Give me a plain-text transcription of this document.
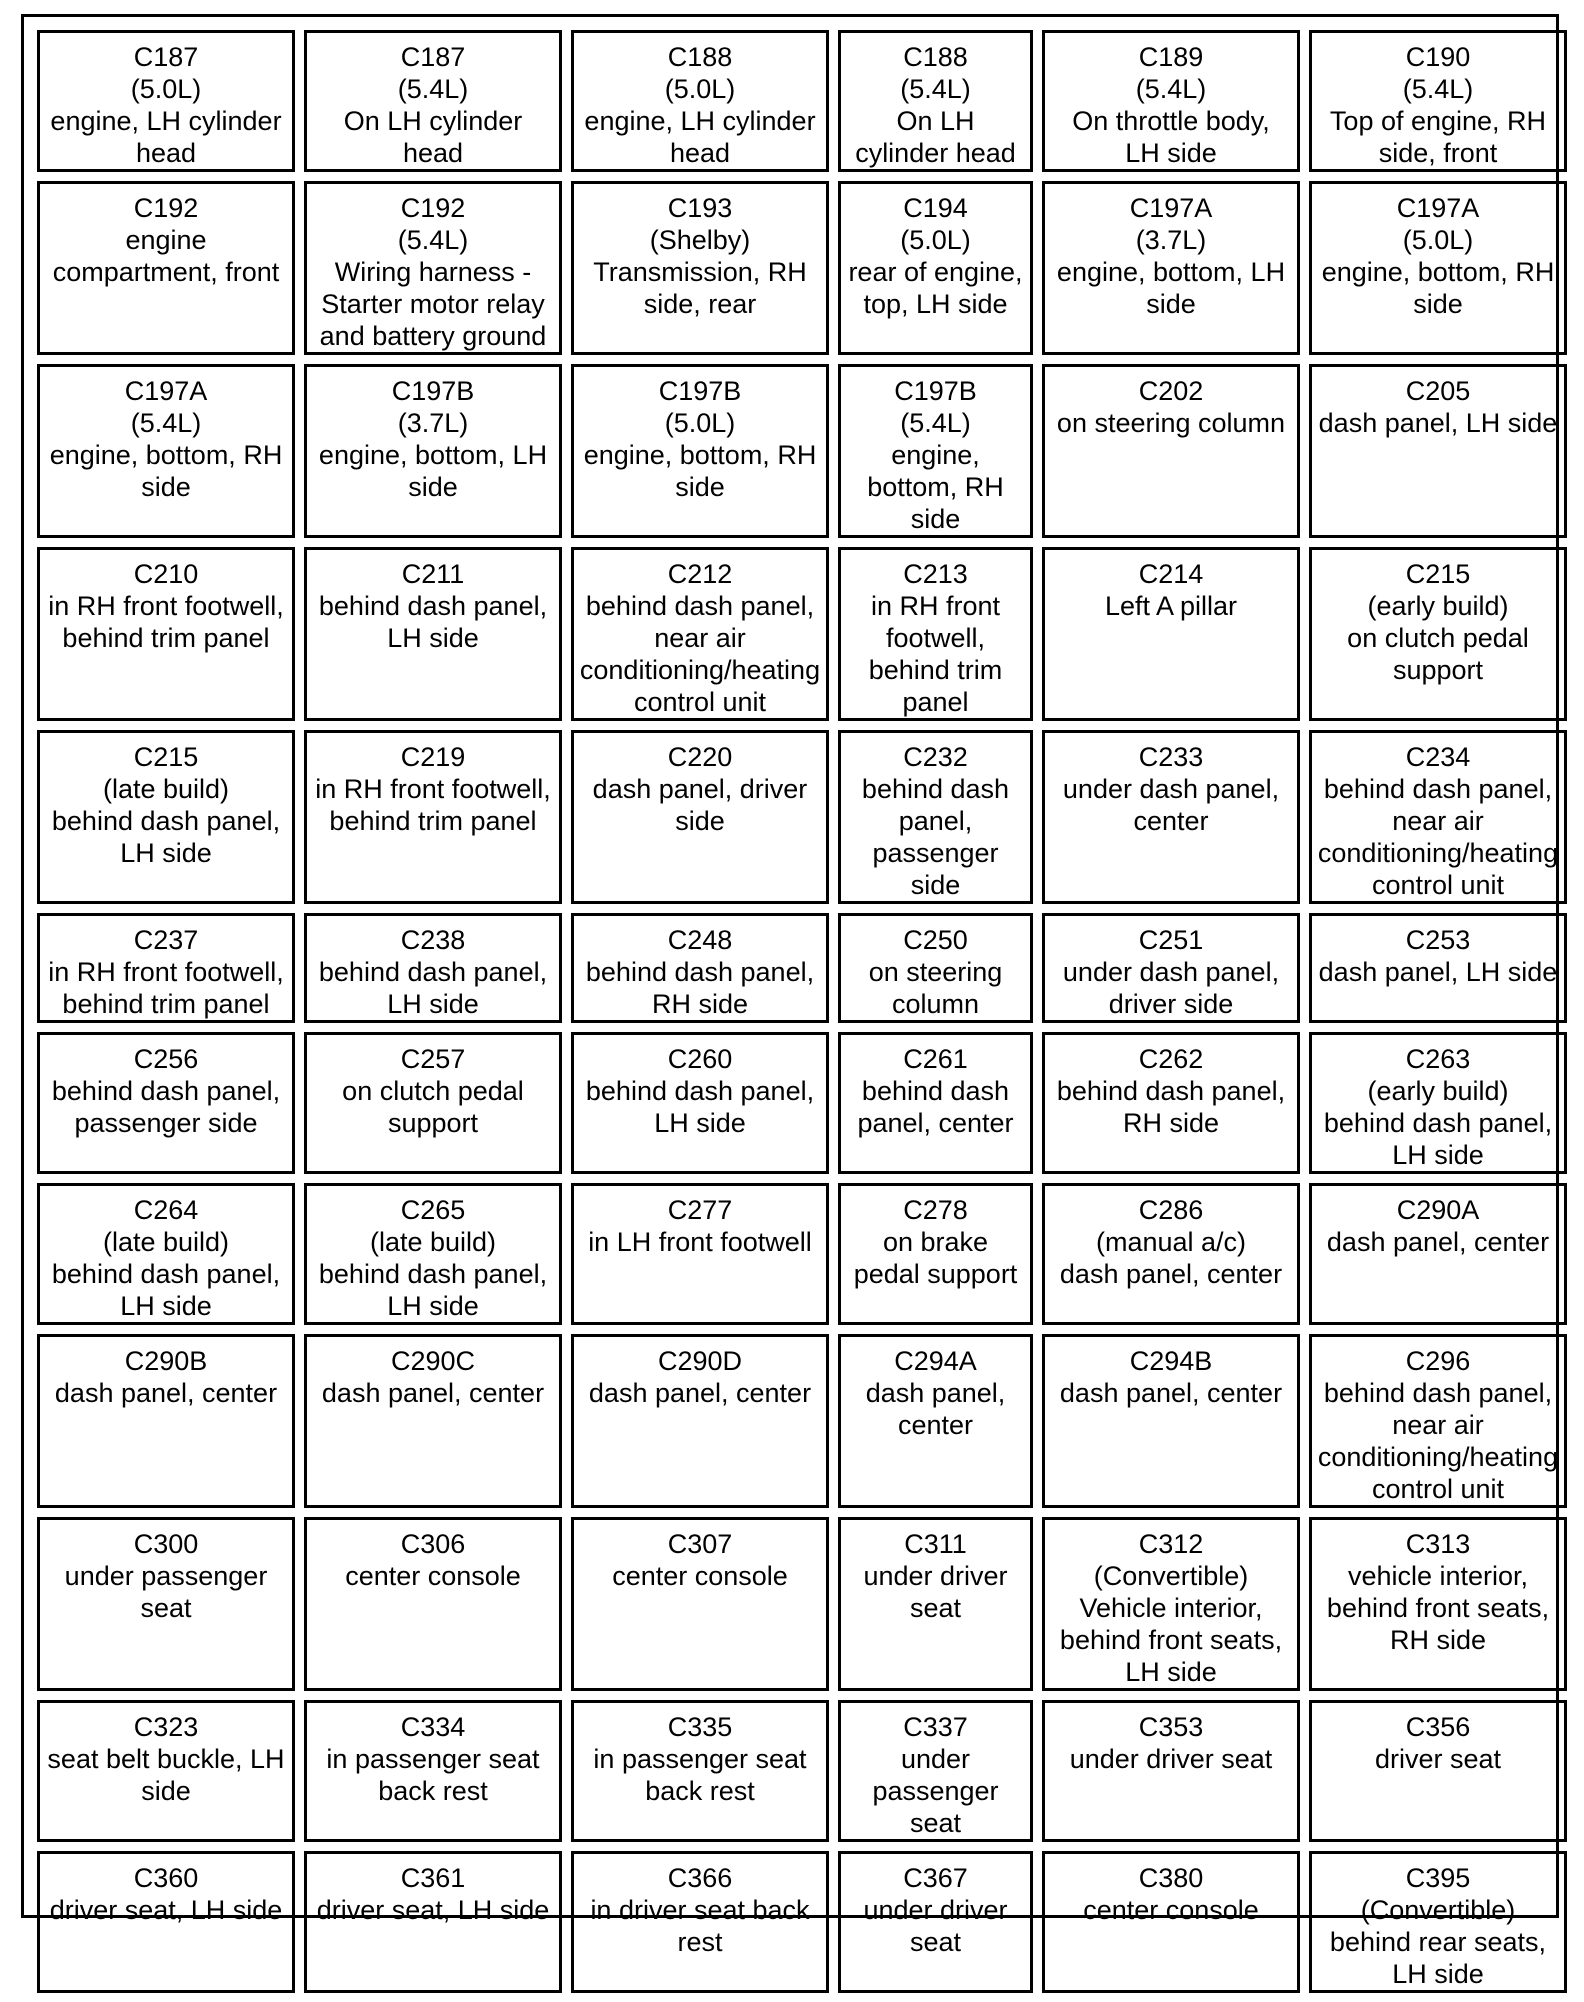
C187
(5.0L)
engine, LH cylinder
head	C187
(5.4L)
On LH cylinder
head	C188
(5.0L)
engine, LH cylinder
head	C188
(5.4L)
On LH
cylinder head	C189
(5.4L)
On throttle body,
LH side	C190
(5.4L)
Top of engine, RH
side, front

C192
engine
compartment, front	C192
(5.4L)
Wiring harness -
Starter motor relay
and battery ground	C193
(Shelby)
Transmission, RH
side, rear	C194
(5.0L)
rear of engine,
top, LH side	C197A
(3.7L)
engine, bottom, LH
side	C197A
(5.0L)
engine, bottom, RH
side

C197A
(5.4L)
engine, bottom, RH
side	C197B
(3.7L)
engine, bottom, LH
side	C197B
(5.0L)
engine, bottom, RH
side	C197B
(5.4L)
engine,
bottom, RH
side	C202
on steering column	C205
dash panel, LH side

C210
in RH front footwell,
behind trim panel	C211
behind dash panel,
LH side	C212
behind dash panel,
near air
conditioning/heating
control unit	C213
in RH front
footwell,
behind trim
panel	C214
Left A pillar	C215
(early build)
on clutch pedal
support

C215
(late build)
behind dash panel,
LH side	C219
in RH front footwell,
behind trim panel	C220
dash panel, driver
side	C232
behind dash
panel,
passenger
side	C233
under dash panel,
center	C234
behind dash panel,
near air
conditioning/heating
control unit

C237
in RH front footwell,
behind trim panel	C238
behind dash panel,
LH side	C248
behind dash panel,
RH side	C250
on steering
column	C251
under dash panel,
driver side	C253
dash panel, LH side

C256
behind dash panel,
passenger side	C257
on clutch pedal
support	C260
behind dash panel,
LH side	C261
behind dash
panel, center	C262
behind dash panel,
RH side	C263
(early build)
behind dash panel,
LH side

C264
(late build)
behind dash panel,
LH side	C265
(late build)
behind dash panel,
LH side	C277
in LH front footwell	C278
on brake
pedal support	C286
(manual a/c)
dash panel, center	C290A
dash panel, center

C290B
dash panel, center	C290C
dash panel, center	C290D
dash panel, center	C294A
dash panel,
center	C294B
dash panel, center	C296
behind dash panel,
near air
conditioning/heating
control unit

C300
under passenger
seat	C306
center console	C307
center console	C311
under driver
seat	C312
(Convertible)
Vehicle interior,
behind front seats,
LH side	C313
vehicle interior,
behind front seats,
RH side

C323
seat belt buckle, LH
side	C334
in passenger seat
back rest	C335
in passenger seat
back rest	C337
under
passenger
seat	C353
under driver seat	C356
driver seat

C360
driver seat, LH side	C361
driver seat, LH side	C366
in driver seat back
rest	C367
under driver
seat	C380
center console	C395
(Convertible)
behind rear seats,
LH side
